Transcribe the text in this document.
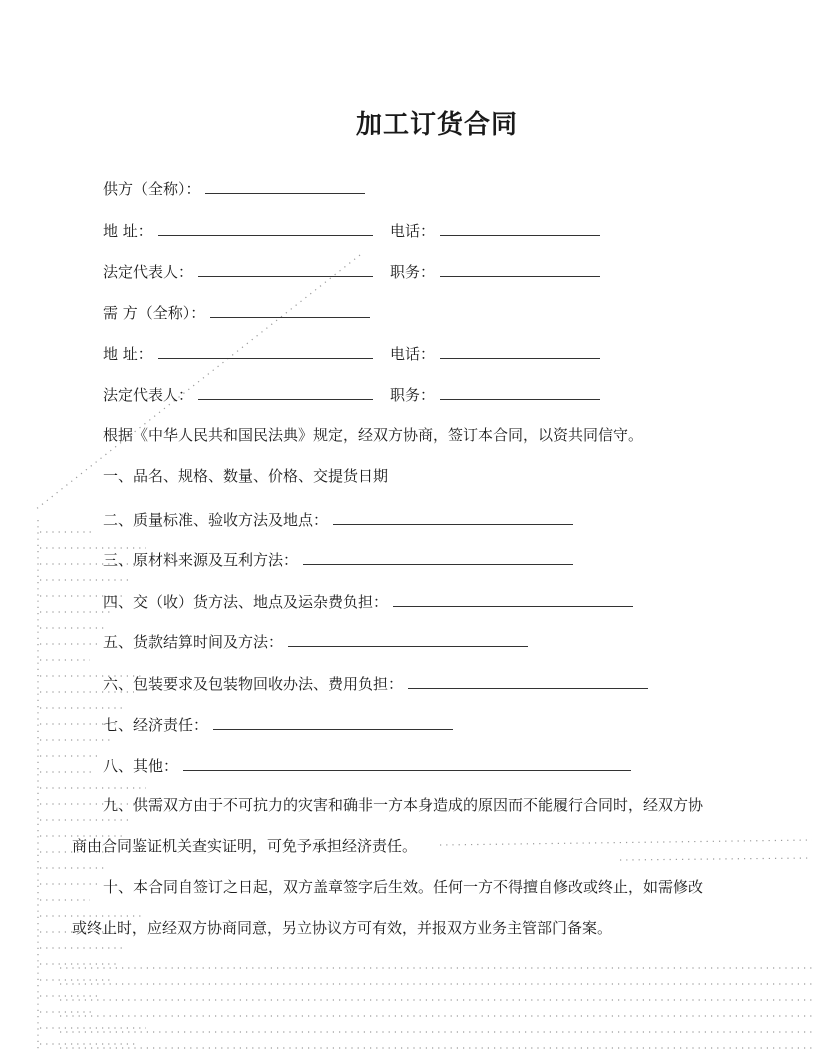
加工订货合同
供方（全称）：
地 址：	电话：
法定代表人：	职务：
需 方（全称）：
地 址：	电话：
法定代表人：	职务：
根据《中华人民共和国民法典》规定，经双方协商，签订本合同，以资共同信守。
一、品名、规格、数量、价格、交提货日期
二、质量标准、验收方法及地点：
三、原材料来源及互利方法：
四、交（收）货方法、地点及运杂费负担：
五、货款结算时间及方法：
六、包装要求及包装物回收办法、费用负担：
七、经济责任：
八、其他：
九、供需双方由于不可抗力的灾害和确非一方本身造成的原因而不能履行合同时，经双方协
商由合同鉴证机关查实证明，可免予承担经济责任。
十、本合同自签订之日起，双方盖章签字后生效。任何一方不得擅自修改或终止，如需修改
或终止时，应经双方协商同意，另立协议方可有效，并报双方业务主管部门备案。
